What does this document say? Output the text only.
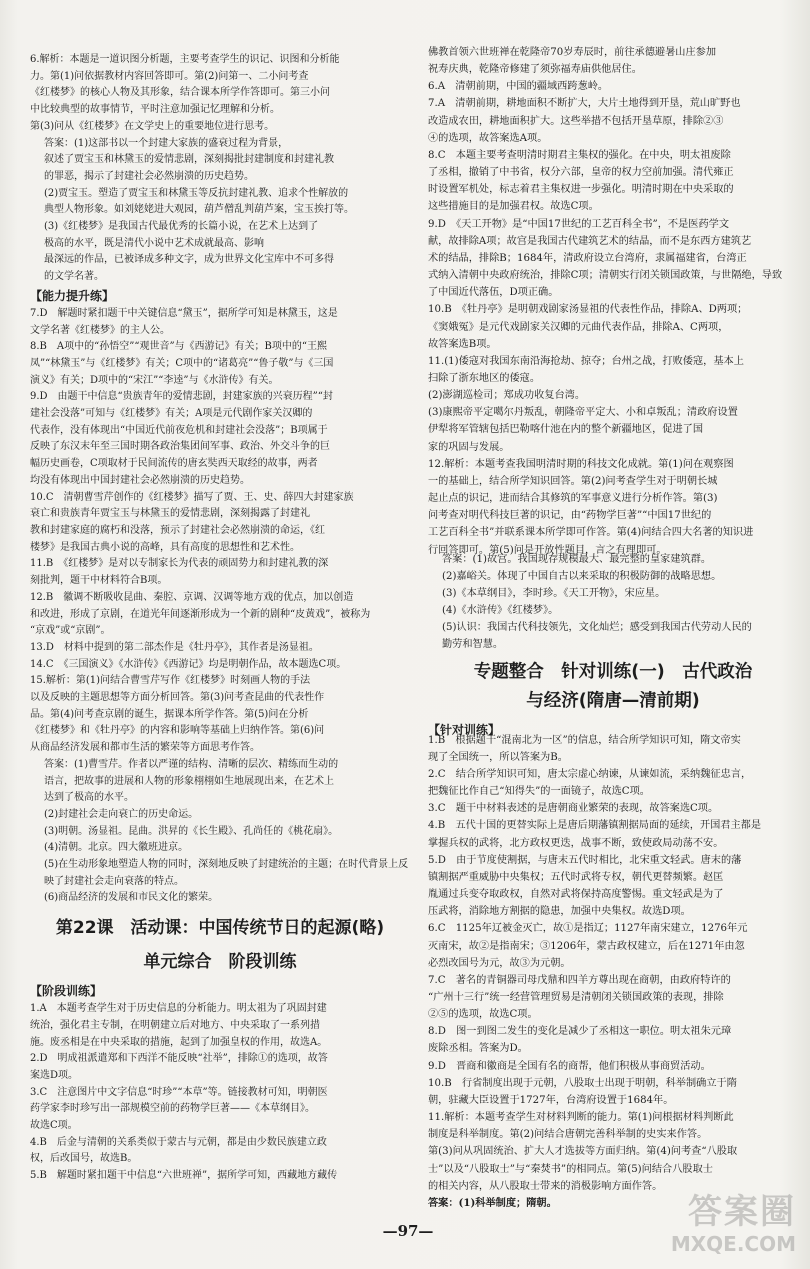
6.解析：本题是一道识图分析题，主要考查学生的识记、识图和分析能
力。第(1)问依据教材内容回答即可。第(2)问第一、二小问考查
《红楼梦》的核心人物及其形象，结合课本所学作答即可。第三小问
中比较典型的故事情节，平时注意加强记忆理解和分析。
第(3)问从《红楼梦》在文学史上的重要地位进行思考。
答案：(1)这部书以一个封建大家族的盛衰过程为背景，
叙述了贾宝玉和林黛玉的爱情悲剧，深刻揭批封建制度和封建礼教
的罪恶，揭示了封建社会必然崩溃的历史趋势。
(2)贾宝玉。塑造了贾宝玉和林黛玉等反抗封建礼教、追求个性解放的
典型人物形象。如刘姥姥进大观园，葫芦僧乱判葫芦案，宝玉挨打等。
(3)《红楼梦》是我国古代最优秀的长篇小说，在艺术上达到了
极高的水平，既是清代小说中艺术成就最高、影响
最深远的作品，已被译成多种文字，成为世界文化宝库中不可多得
的文学名著。
【能力提升练】
7.D　解题时紧扣题干中关键信息“黛玉”，据所学可知是林黛玉，这是
文学名著《红楼梦》的主人公。
8.B　A项中的“孙悟空”“观世音”与《西游记》有关；B项中的“王熙
凤”“林黛玉”与《红楼梦》有关；C项中的“诸葛亮”“鲁子敬”与《三国
演义》有关；D项中的“宋江”“李逵”与《水浒传》有关。
9.D　由题干中信息“贵族青年的爱情悲剧，封建家族的兴衰历程”“封
建社会没落”可知与《红楼梦》有关；A项是元代剧作家关汉卿的
代表作，没有体现出“中国近代前夜危机和封建社会没落”；B项属于
反映了东汉末年至三国时期各政治集团间军事、政治、外交斗争的巨
幅历史画卷，C项取材于民间流传的唐玄奘西天取经的故事，两者
均没有体现出中国封建社会必然崩溃的历史趋势。
10.C　清朝曹雪芹创作的《红楼梦》描写了贾、王、史、薛四大封建家族
衰亡和贵族青年贾宝玉与林黛玉的爱情悲剧，深刻揭露了封建礼
教和封建家庭的腐朽和没落，预示了封建社会必然崩溃的命运，《红
楼梦》是我国古典小说的高峰，具有高度的思想性和艺术性。
11.B　《红楼梦》是对以专制家长为代表的顽固势力和封建礼教的深
刻批判，题干中材料符合B项。
12.B　徽调不断吸收昆曲、秦腔、京调、汉调等地方戏的优点，加以创造
和改进，形成了京剧，在道光年间逐渐形成为一个新的剧种“皮黄戏”，被称为
“京戏”或“京剧”。
13.D　材料中提到的第二部杰作是《牡丹亭》，其作者是汤显祖。
14.C　《三国演义》《水浒传》《西游记》均是明朝作品，故本题选C项。
15.解析：第(1)问结合曹雪芹写作《红楼梦》时刻画人物的手法
以及反映的主题思想等方面分析回答。第(3)问考查昆曲的代表性作
品。第(4)问考查京剧的诞生，据课本所学作答。第(5)问在分析
《红楼梦》和《牡丹亭》的内容和影响等基础上归纳作答。第(6)问
从商品经济发展和都市生活的繁荣等方面思考作答。
答案：(1)曹雪芹。作者以严谨的结构、清晰的层次、精练而生动的
语言，把故事的进展和人物的形象栩栩如生地展现出来，在艺术上
达到了极高的水平。
(2)封建社会走向衰亡的历史命运。
(3)明朝。汤显祖。昆曲。洪昇的《长生殿》、孔尚任的《桃花扇》。
(4)清朝。北京。四大徽班进京。
(5)在生动形象地塑造人物的同时，深刻地反映了封建统治的主题；在时代背景上反
映了封建社会走向衰落的特点。
(6)商品经济的发展和市民文化的繁荣。
第22课　活动课：中国传统节日的起源(略)
单元综合　阶段训练
【阶段训练】
1.A　本题考查学生对于历史信息的分析能力。明太祖为了巩固封建
统治，强化君主专制，在明朝建立后对地方、中央采取了一系列措
施。废丞相是在中央采取的措施，起到了加强皇权的作用，故选A。
2.D　明成祖派遣郑和下西洋不能反映“社举”，排除①的选项，故答
案选D项。
3.C　注意图片中文字信息“时珍”“本草”等。链接教材可知，明朝医
药学家李时珍写出一部规模空前的药物学巨著——《本草纲目》。
故选C项。
4.B　后金与清朝的关系类似于蒙古与元朝，都是由少数民族建立政
权，后改国号，故选B。
5.B　解题时紧扣题干中信息“六世班禅”，据所学可知，西藏地方藏传
佛教首领六世班禅在乾隆帝70岁寿辰时，前往承德避暑山庄参加
祝寿庆典，乾隆帝修建了须弥福寿庙供他居住。
6.A　清朝前期，中国的疆域西跨葱岭。
7.A　清朝前期，耕地面积不断扩大，大片土地得到开垦，荒山旷野也
改造成农田，耕地面积扩大。这些举措不包括开垦草原，排除②③
④的选项，故答案选A项。
8.C　本题主要考查明清时期君主集权的强化。在中央，明太祖废除
了丞相，撤销了中书省，权分六部，皇帝的权力空前加强。清代雍正
时设置军机处，标志着君主集权进一步强化。明清时期在中央采取的
这些措施目的是加强君权。故选C项。
9.D　《天工开物》是“中国17世纪的工艺百科全书”，不是医药学文
献，故排除A项；故宫是我国古代建筑艺术的结晶，而不是东西方建筑艺
术的结晶，排除B；1684年，清政府设立台湾府，隶属福建省，台湾正
式纳入清朝中央政府统治，排除C项；清朝实行闭关锁国政策，与世隔绝，导致
了中国近代落伍，D项正确。
10.B　《牡丹亭》是明朝戏剧家汤显祖的代表性作品，排除A、D两项；
《窦娥冤》是元代戏剧家关汉卿的元曲代表作品，排除A、C两项，
故答案选B项。
11.(1)倭寇对我国东南沿海抢劫、掠夺；台州之战，打败倭寇，基本上
扫除了浙东地区的倭寇。
(2)澎湖巡检司；郑成功收复台湾。
(3)康熙帝平定噶尔丹叛乱，朝隆帝平定大、小和卓叛乱；清政府设置
伊犁将军管辖包括巴勒喀什池在内的整个新疆地区，促进了国
家的巩固与发展。
12.解析：本题考查我国明清时期的科技文化成就。第(1)问在观察图
一的基础上，结合所学知识回答。第(2)问考查学生对于明朝长城
起止点的识记，进而结合其修筑的军事意义进行分析作答。第(3)
问考查对明代科技巨著的识记，由“药物学巨著”“中国17世纪的
工艺百科全书”并联系课本所学即可作答。第(4)问结合四大名著的知识进
行回答即可。第(5)问是开放性题目，言之有理即可。
答案：(1)故宫。我国现存规模最大、最完整的皇家建筑群。
(2)嘉峪关。体现了中国自古以来采取的积极防御的战略思想。
(3)《本草纲目》，李时珍。《天工开物》，宋应星。
(4)《水浒传》《红楼梦》。
(5)认识：我国古代科技领先，文化灿烂；感受到我国古代劳动人民的
勤劳和智慧。
专题整合　针对训练(一)　古代政治
与经济(隋唐—清前期)
【针对训练】
1.B　根据题干“混南北为一区”的信息，结合所学知识可知，隋文帝实
现了全国统一，所以答案为B。
2.C　结合所学知识可知，唐太宗虚心纳谏，从谏如流，采纳魏征忠言，
把魏征比作自己“知得失”的一面镜子，故选C项。
3.C　题干中材料表述的是唐朝商业繁荣的表现，故答案选C项。
4.B　五代十国的更替实际上是唐后期藩镇割据局面的延续，开国君主都是
掌握兵权的武将，北方政权更迭，战事不断，致使政局动荡不安。
5.D　由于节度使割据，与唐末五代时相比，北宋重文轻武。唐末的藩
镇割据严重威胁中央集权；五代时武将专权，朝代更替频繁。赵匡
胤通过兵变夺取政权，自然对武将保持高度警惕。重文轻武是为了
压武将，消除地方割据的隐患，加强中央集权。故选D项。
6.C　1125年辽被金灭亡，故①是指辽；1127年南宋建立，1276年元
灭南宋，故②是指南宋；③1206年，蒙古政权建立，后在1271年由忽
必烈改国号为元，故③为元朝。
7.C　著名的青铜器司母戊鼎和四羊方尊出现在商朝，由政府特许的
“广州十三行”统一经营管理贸易是清朝闭关锁国政策的表现，排除
②⑤的选项，故选C项。
8.D　图一到图二发生的变化是减少了丞相这一职位。明太祖朱元璋
废除丞相。答案为D。
9.D　晋商和徽商是全国有名的商帮，他们积极从事商贸活动。
10.B　行省制度出现于元朝，八股取士出现于明朝，科举制确立于隋
朝，驻藏大臣设置于1727年，台湾府设置于1684年。
11.解析：本题考查学生对材料判断的能力。第(1)问根据材料判断此
制度是科举制度。第(2)问结合唐朝完善科举制的史实来作答。
第(3)问从巩固统治、扩大人才选拔等方面归纳。第(4)问考查“八股取
士”以及“八股取士”与“秦焚书”的相同点。第(5)问结合八股取士
的相关内容，从八股取士带来的消极影响方面作答。
答案：(1)科举制度；隋朝。
—97—	答案圈
MXQE.COM
